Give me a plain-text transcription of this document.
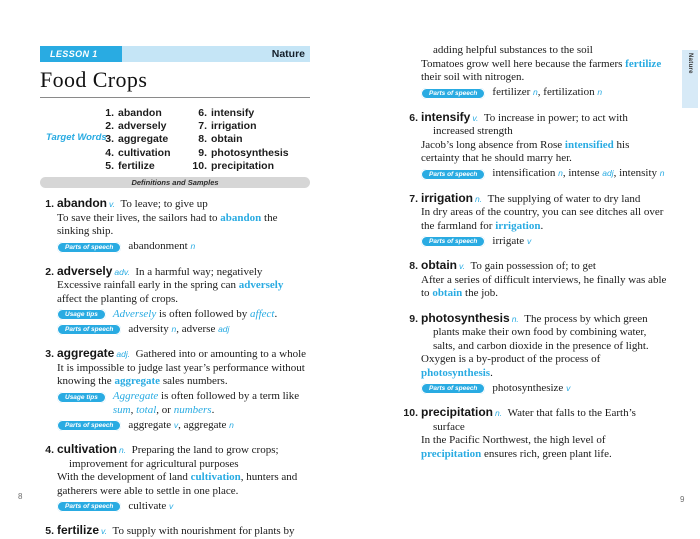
LESSON 1	Nature
Food Crops
Target Words
1. abandon
2. adversely
3. aggregate
4. cultivation
5. fertilize
6. intensify
7. irrigation
8. obtain
9. photosynthesis
10. precipitation
Definitions and Samples

1. abandon v.  To leave; to give up

To save their lives, the sailors had to abandon the sinking ship.

Parts of speech	abandonment n

2. adversely adv.  In a harmful way; negatively

Excessive rainfall early in the spring can adversely affect the planting of crops.

Usage tips	Adversely is often followed by affect.
Parts of speech	adversity n, adverse adj

3. aggregate adj.  Gathered into or amounting to a whole

It is impossible to judge last year’s performance without knowing the aggregate sales numbers.

Usage tips	Aggregate is often followed by a term like sum, total, or numbers.
Parts of speech	aggregate v, aggregate n

4. cultivation n.  Preparing the land to grow crops; improvement for agricultural purposes

With the development of land cultivation, hunters and gatherers were able to settle in one place.

Parts of speech	cultivate v

5. fertilize v.  To supply with nourishment for plants by

adding helpful substances to the soil

Tomatoes grow well here because the farmers fertilize their soil with nitrogen.

Parts of speech	fertilizer n, fertilization n

6. intensify v.  To increase in power; to act with increased strength

Jacob’s long absence from Rose intensified his certainty that he should marry her.

Parts of speech	intensification n, intense adj, intensity n

7. irrigation n.  The supplying of water to dry land

In dry areas of the country, you can see ditches all over the farmland for irrigation.

Parts of speech	irrigate v

8. obtain v.  To gain possession of; to get

After a series of difficult interviews, he finally was able to obtain the job.

9. photosynthesis n.  The process by which green plants make their own food by combining water, salts, and carbon dioxide in the presence of light.

Oxygen is a by-product of the process of photosynthesis.

Parts of speech	photosynthesize v

10. precipitation n.  Water that falls to the Earth’s surface

In the Pacific Northwest, the high level of precipitation ensures rich, green plant life.

Nature
8	9
